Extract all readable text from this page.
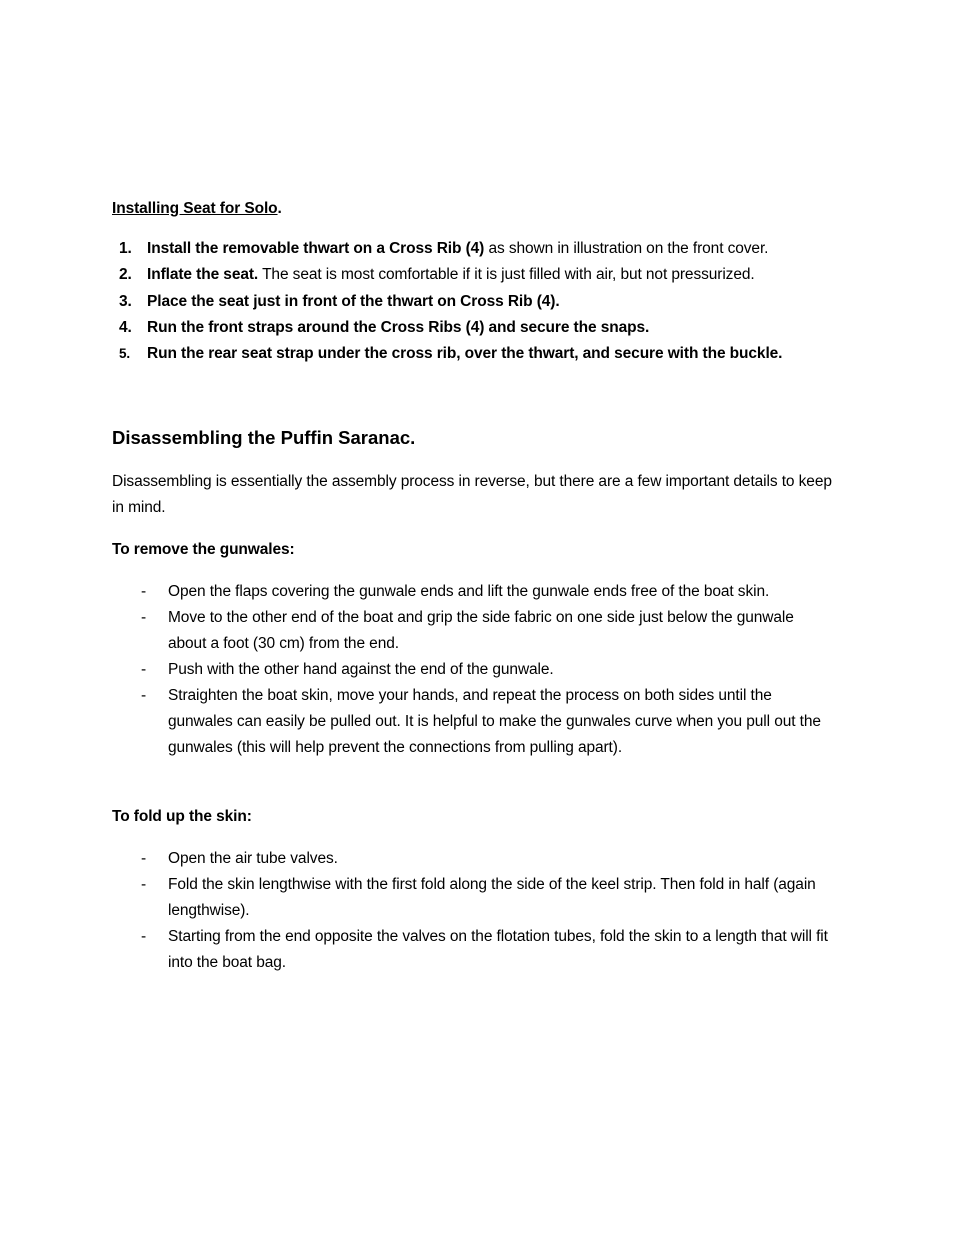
Installing Seat for Solo.
1. Install the removable thwart on a Cross Rib (4) as shown in illustration on the front cover.
2. Inflate the seat. The seat is most comfortable if it is just filled with air, but not pressurized.
3. Place the seat just in front of the thwart on Cross Rib (4).
4. Run the front straps around the Cross Ribs (4) and secure the snaps.
5. Run the rear seat strap under the cross rib, over the thwart, and secure with the buckle.
Disassembling the Puffin Saranac.
Disassembling is essentially the assembly process in reverse, but there are a few important details to keep in mind.
To remove the gunwales:
- Open the flaps covering the gunwale ends and lift the gunwale ends free of the boat skin.
- Move to the other end of the boat and grip the side fabric on one side just below the gunwale about a foot (30 cm) from the end.
- Push with the other hand against the end of the gunwale.
- Straighten the boat skin, move your hands, and repeat the process on both sides until the gunwales can easily be pulled out. It is helpful to make the gunwales curve when you pull out the gunwales (this will help prevent the connections from pulling apart).
To fold up the skin:
- Open the air tube valves.
- Fold the skin lengthwise with the first fold along the side of the keel strip. Then fold in half (again lengthwise).
- Starting from the end opposite the valves on the flotation tubes, fold the skin to a length that will fit into the boat bag.
